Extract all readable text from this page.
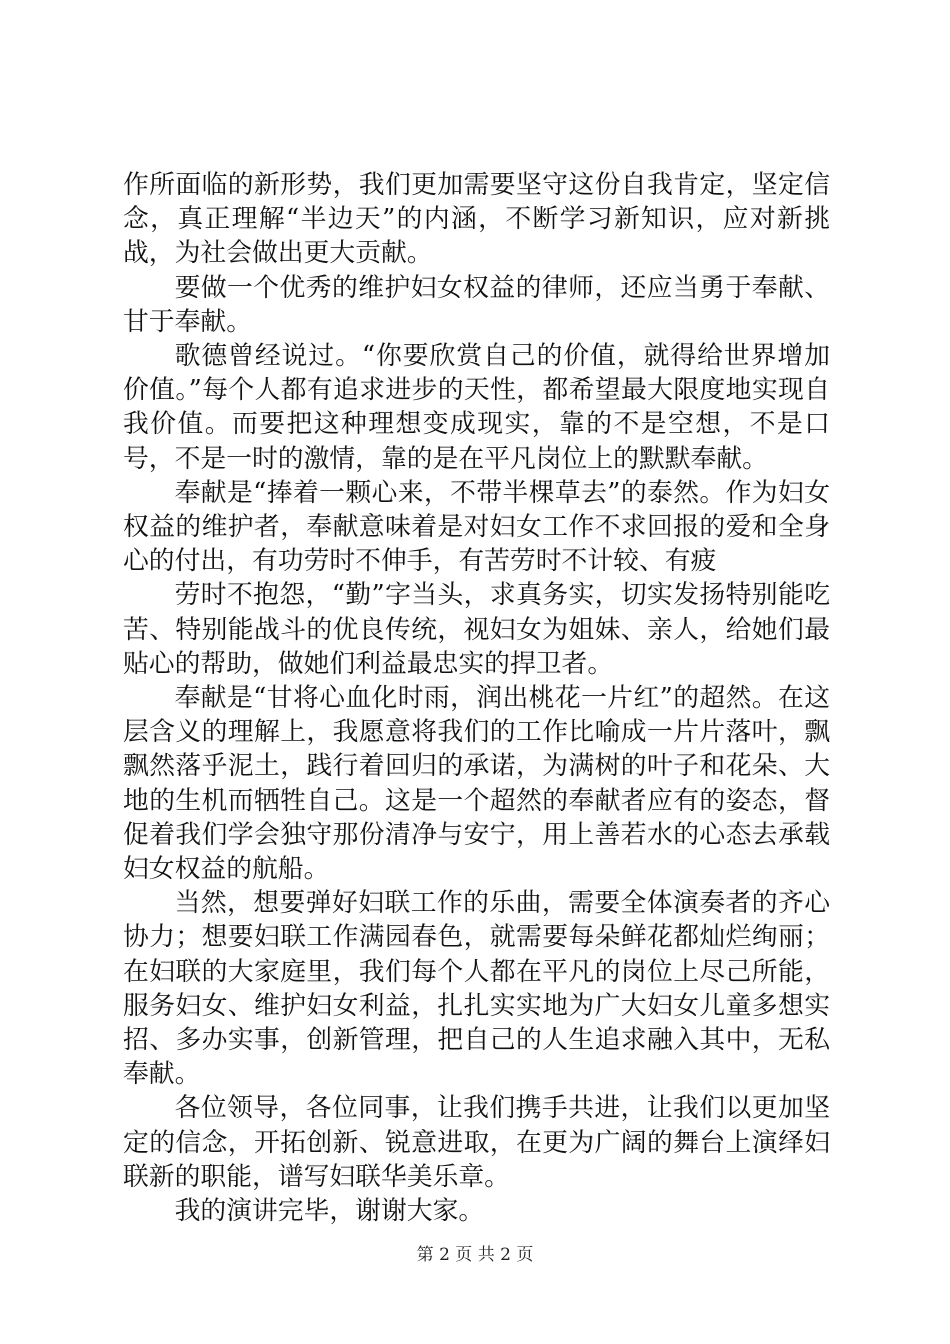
作所面临的新形势，我们更加需要坚守这份自我肯定，坚定信念，真正理解“半边天”的内涵，不断学习新知识，应对新挑战，为社会做出更大贡献。

要做一个优秀的维护妇女权益的律师，还应当勇于奉献、甘于奉献。

歌德曾经说过。“你要欣赏自己的价值，就得给世界增加价值。”每个人都有追求进步的天性，都希望最大限度地实现自我价值。而要把这种理想变成现实，靠的不是空想，不是口号，不是一时的激情，靠的是在平凡岗位上的默默奉献。

奉献是“捧着一颗心来，不带半棵草去”的泰然。作为妇女权益的维护者，奉献意味着是对妇女工作不求回报的爱和全身心的付出，有功劳时不伸手，有苦劳时不计较、有疲

劳时不抱怨，“勤”字当头，求真务实，切实发扬特别能吃苦、特别能战斗的优良传统，视妇女为姐妹、亲人，给她们最贴心的帮助，做她们利益最忠实的捍卫者。

奉献是“甘将心血化时雨，润出桃花一片红”的超然。在这层含义的理解上，我愿意将我们的工作比喻成一片片落叶，飘飘然落乎泥土，践行着回归的承诺，为满树的叶子和花朵、大地的生机而牺牲自己。这是一个超然的奉献者应有的姿态，督促着我们学会独守那份清净与安宁，用上善若水的心态去承载妇女权益的航船。

当然，想要弹好妇联工作的乐曲，需要全体演奏者的齐心协力；想要妇联工作满园春色，就需要每朵鲜花都灿烂绚丽；在妇联的大家庭里，我们每个人都在平凡的岗位上尽己所能，服务妇女、维护妇女利益，扎扎实实地为广大妇女儿童多想实招、多办实事，创新管理，把自己的人生追求融入其中，无私奉献。

各位领导，各位同事，让我们携手共进，让我们以更加坚定的信念，开拓创新、锐意进取，在更为广阔的舞台上演绎妇联新的职能，谱写妇联华美乐章。

我的演讲完毕，谢谢大家。

第 2 页 共 2 页
